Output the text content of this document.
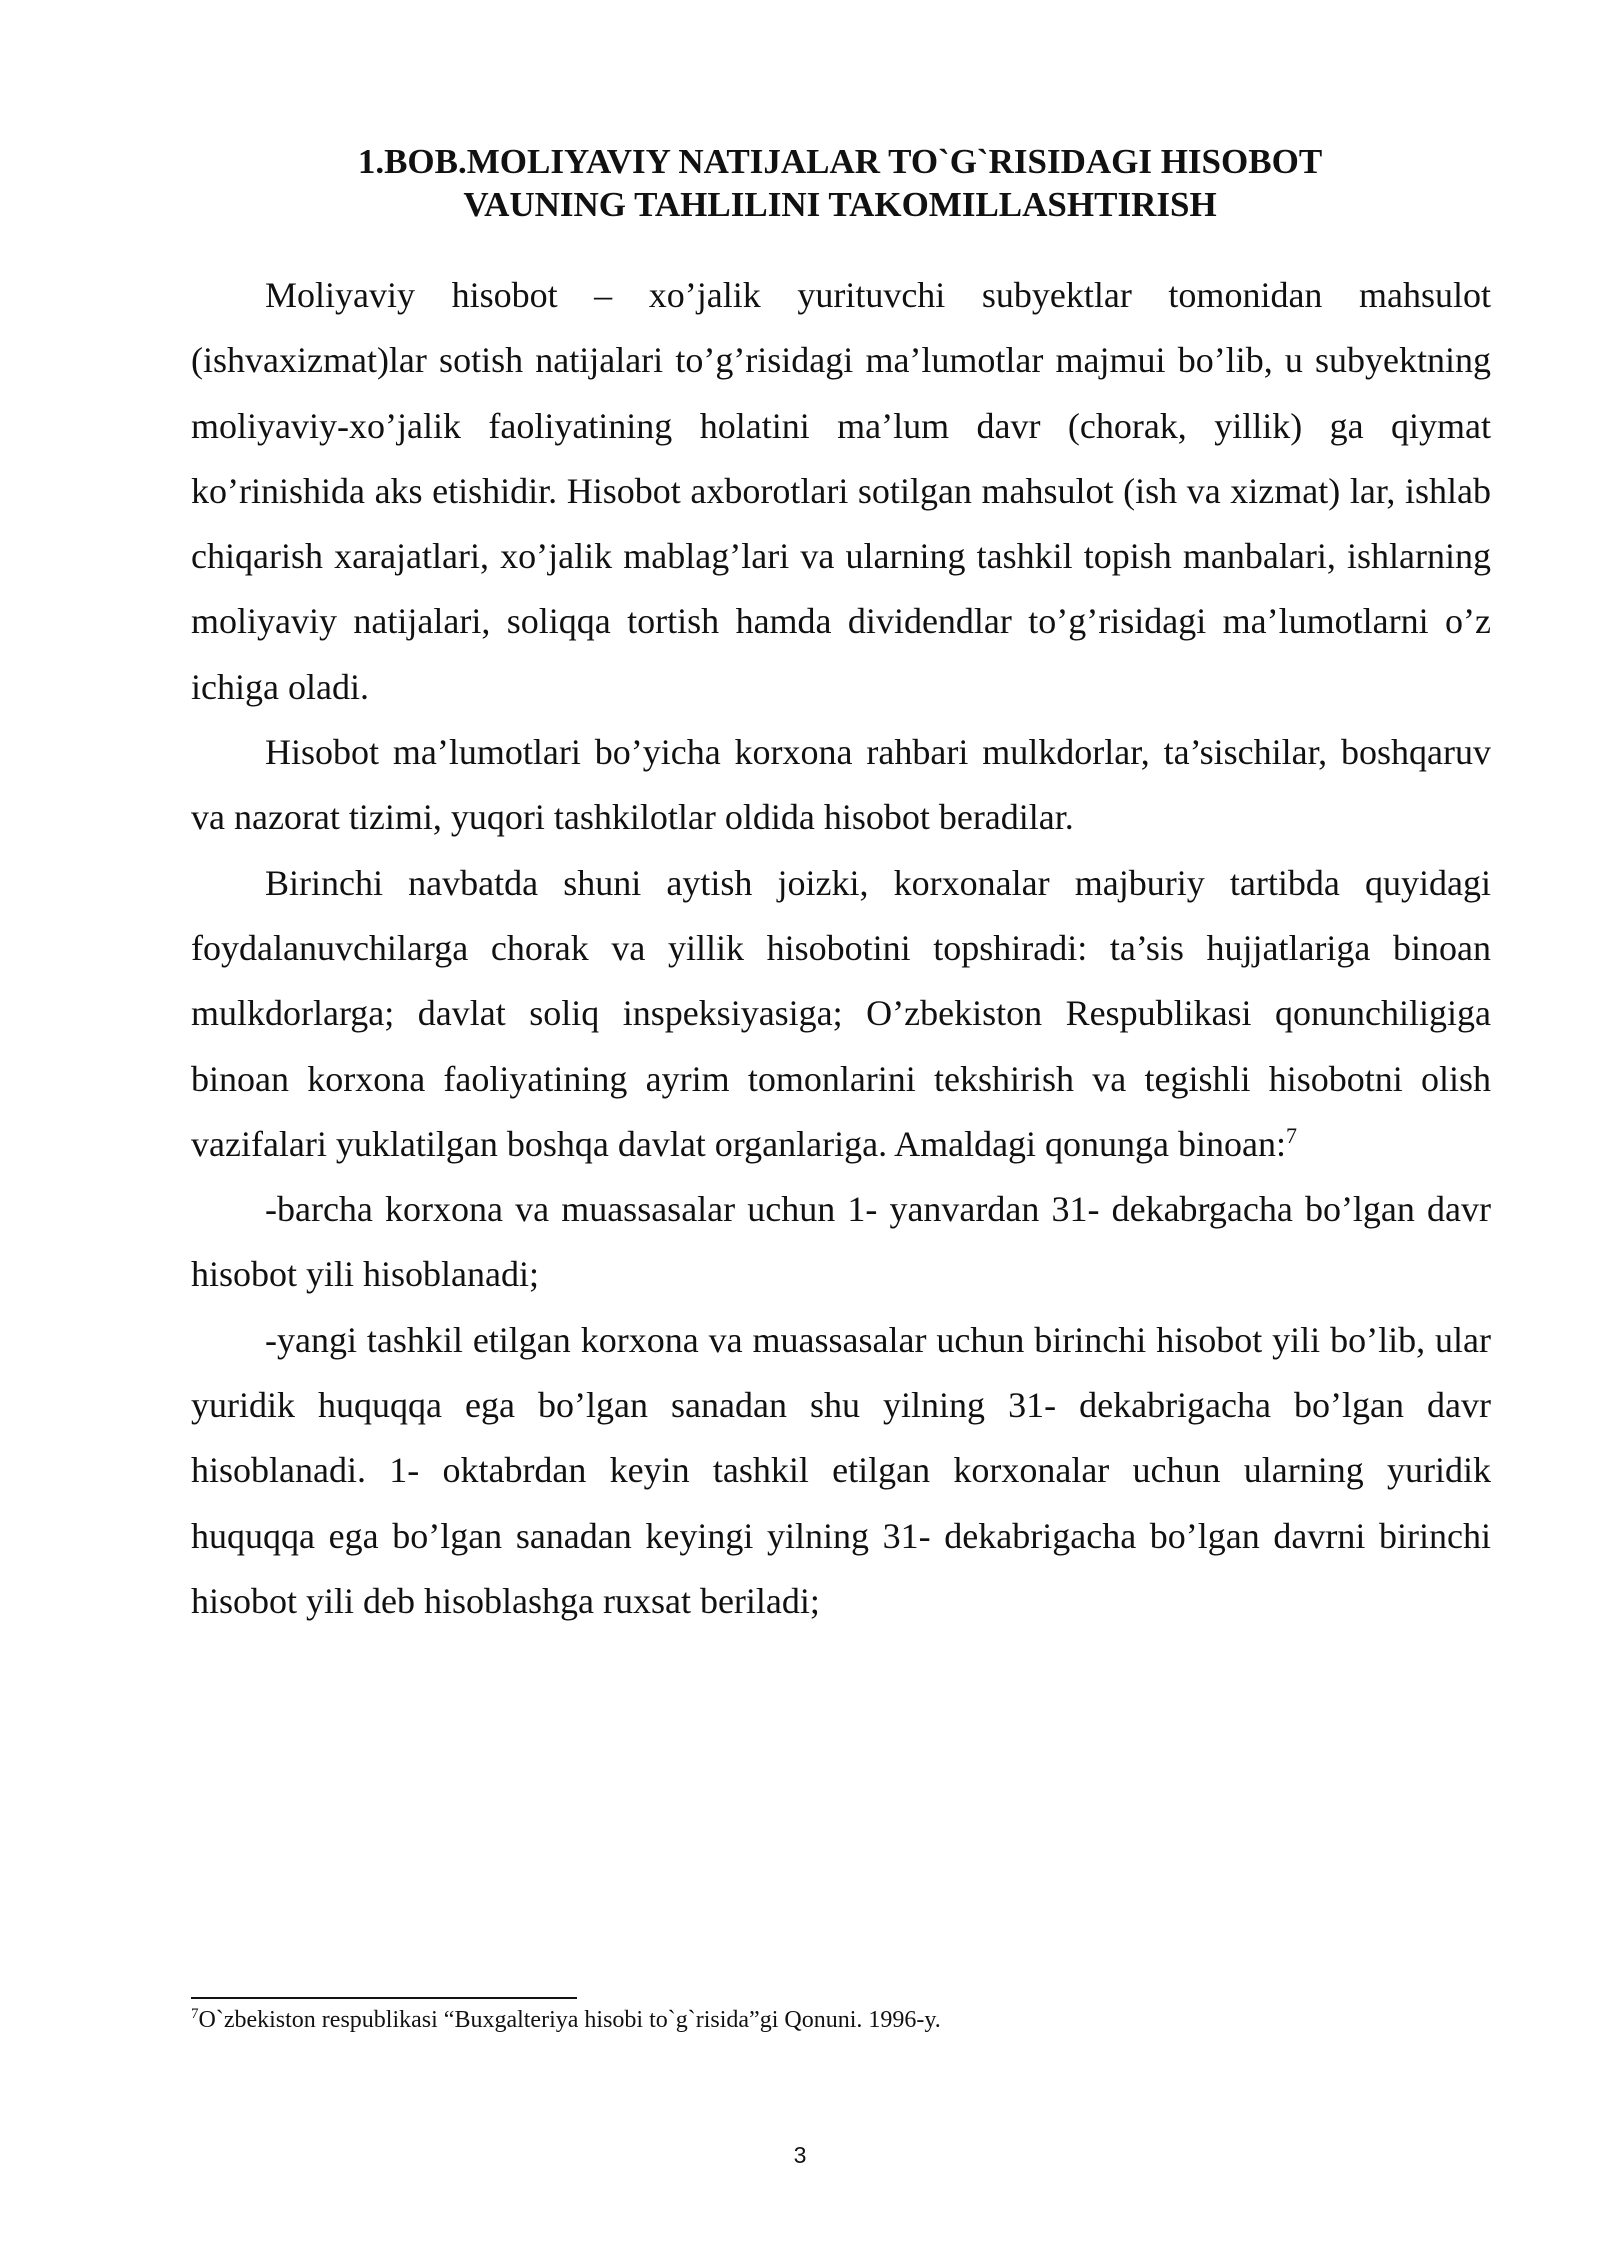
1.BOB.MOLIYAVIY NATIJALAR TO`G`RISIDAGI HISOBOT
VAUNING TAHLILINI TAKOMILLASHTIRISH

Moliyaviy hisobot – xo’jalik yurituvchi subyektlar tomonidan mahsulot (ishvaxizmat)lar sotish natijalari to’g’risidagi ma’lumotlar majmui bo’lib, u subyektning moliyaviy-xo’jalik faoliyatining holatini ma’lum davr (chorak, yillik) ga qiymat ko’rinishida aks etishidir. Hisobot axborotlari sotilgan mahsulot (ish va xizmat) lar, ishlab chiqarish xarajatlari, xo’jalik mablag’lari va ularning tashkil topish manbalari, ishlarning moliyaviy natijalari, soliqqa tortish hamda dividendlar to’g’risidagi ma’lumotlarni o’z ichiga oladi.

Hisobot ma’lumotlari bo’yicha korxona rahbari mulkdorlar, ta’sischilar, boshqaruv va nazorat tizimi, yuqori tashkilotlar oldida hisobot beradilar.

Birinchi navbatda shuni aytish joizki, korxonalar majburiy tartibda quyidagi foydalanuvchilarga chorak va yillik hisobotini topshiradi: ta’sis hujjatlariga binoan mulkdorlarga; davlat soliq inspeksiyasiga; O’zbekiston Respublikasi qonunchiligiga binoan korxona faoliyatining ayrim tomonlarini tekshirish va tegishli hisobotni olish vazifalari yuklatilgan boshqa davlat organlariga. Amaldagi qonunga binoan:$^7$

-barcha korxona va muassasalar uchun 1- yanvardan 31- dekabrgacha bo’lgan davr hisobot yili hisoblanadi;

-yangi tashkil etilgan korxona va muassasalar uchun birinchi hisobot yili bo’lib, ular yuridik huquqqa ega bo’lgan sanadan shu yilning 31- dekabrigacha bo’lgan davr hisoblanadi. 1- oktabrdan keyin tashkil etilgan korxonalar uchun ularning yuridik huquqqa ega bo’lgan sanadan keyingi yilning 31- dekabrigacha bo’lgan davrni birinchi hisobot yili deb hisoblashga ruxsat beriladi;

$^7$O`zbekiston respublikasi “Buxgalteriya hisobi to`g`risida”gi Qonuni. 1996-y.

3
